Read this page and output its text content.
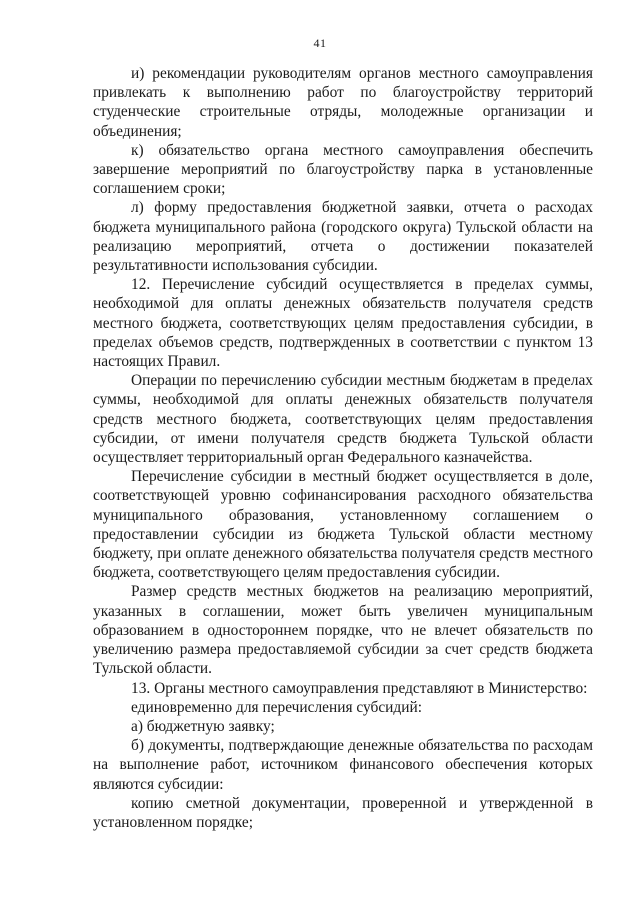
41

и) рекомендации руководителям органов местного самоуправления привлекать к выполнению работ по благоустройству территорий студенческие строительные отряды, молодежные организации и объединения;

к) обязательство органа местного самоуправления обеспечить завершение мероприятий по благоустройству парка в установленные соглашением сроки;

л) форму предоставления бюджетной заявки, отчета о расходах бюджета муниципального района (городского округа) Тульской области на реализацию мероприятий, отчета о достижении показателей результативности использования субсидии.

12. Перечисление субсидий осуществляется в пределах суммы, необходимой для оплаты денежных обязательств получателя средств местного бюджета, соответствующих целям предоставления субсидии, в пределах объемов средств, подтвержденных в соответствии с пунктом 13 настоящих Правил.

Операции по перечислению субсидии местным бюджетам в пределах суммы, необходимой для оплаты денежных обязательств получателя средств местного бюджета, соответствующих целям предоставления субсидии, от имени получателя средств бюджета Тульской области осуществляет территориальный орган Федерального казначейства.

Перечисление субсидии в местный бюджет осуществляется в доле, соответствующей уровню софинансирования расходного обязательства муниципального образования, установленному соглашением о предоставлении субсидии из бюджета Тульской области местному бюджету, при оплате денежного обязательства получателя средств местного бюджета, соответствующего целям предоставления субсидии.

Размер средств местных бюджетов на реализацию мероприятий, указанных в соглашении, может быть увеличен муниципальным образованием в одностороннем порядке, что не влечет обязательств по увеличению размера предоставляемой субсидии за счет средств бюджета Тульской области.

13. Органы местного самоуправления представляют в Министерство:

единовременно для перечисления субсидий:

а) бюджетную заявку;

б) документы, подтверждающие денежные обязательства по расходам на выполнение работ, источником финансового обеспечения которых являются субсидии:

копию сметной документации, проверенной и утвержденной в установленном порядке;
